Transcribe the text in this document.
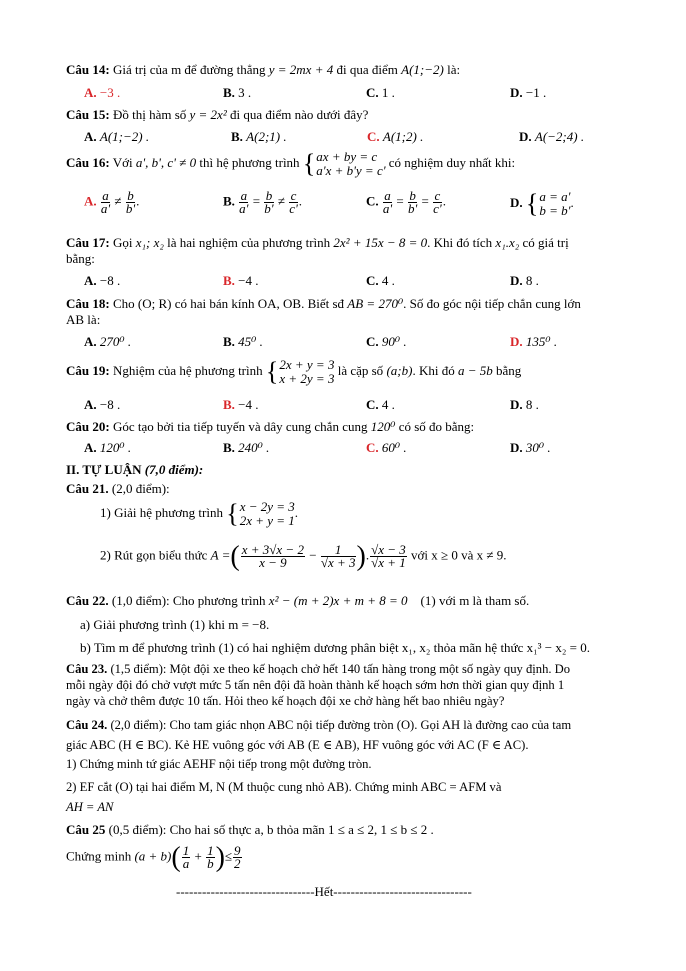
Câu 14: Giá trị của m để đường thẳng y = 2mx + 4 đi qua điểm A(1;−2) là:
A. −3 .	B. 3 .	C. 1 .	D. −1 .
Câu 15: Đồ thị hàm số y = 2x² đi qua điểm nào dưới đây?
A. A(1;−2) .	B. A(2;1) .	C. A(1;2) .	D. A(−2;4) .
Câu 16: Với a', b', c' ≠ 0 thì hệ phương trình {ax + by = c
a'x + b'y = c' có nghiệm duy nhất khi:
A. $\frac{a}{a'} \ne \frac{b}{b'}$ .	B. $\frac{a}{a'} = \frac{b}{b'} \ne \frac{c}{c'}$ .	C. $\frac{a}{a'} = \frac{b}{b'} = \frac{c}{c'}$ .	D. {a = a'
b = b'.
Câu 17: Gọi x₁; x₂ là hai nghiệm của phương trình 2x² + 15x − 8 = 0. Khi đó tích x₁.x₂ có giá trị
bằng:
A. −8 .	B. −4 .	C. 4 .	D. 8 .
Câu 18: Cho (O; R) có hai bán kính OA, OB. Biết sđ AB = 270⁰. Số đo góc nội tiếp chắn cung lớn
AB là:
A. 270⁰ .	B. 45⁰ .	C. 90⁰ .	D. 135⁰ .
Câu 19: Nghiệm của hệ phương trình {2x + y = 3
x + 2y = 3 là cặp số (a;b). Khi đó a − 5b bằng
A. −8 .	B. −4 .	C. 4 .	D. 8 .
Câu 20: Góc tạo bởi tia tiếp tuyến và dây cung chắn cung 120⁰ có số đo bằng:
A. 120⁰ .	B. 240⁰ .	C. 60⁰ .	D. 30⁰ .
II. TỰ LUẬN (7,0 điểm):
Câu 21. (2,0 điểm):
1) Giải hệ phương trình {x − 2y = 3
2x + y = 1.
2) Rút gọn biểu thức A =( $\frac{x + 3√x - 2}{x - 9} - \frac{1}{√x + 3}$ ). $\frac{√x - 3}{√x + 1}$ với x ≥ 0 và x ≠ 9.
Câu 22. (1,0 điểm): Cho phương trình x² − (m + 2)x + m + 8 = 0 (1) với m là tham số.
a) Giải phương trình (1) khi m = −8.
b) Tìm m để phương trình (1) có hai nghiệm dương phân biệt x₁, x₂ thỏa mãn hệ thức x₁³ − x₂ = 0.
Câu 23. (1,5 điểm): Một đội xe theo kế hoạch chở hết 140 tấn hàng trong một số ngày quy định. Do
mỗi ngày đội đó chở vượt mức 5 tấn nên đội đã hoàn thành kế hoạch sớm hơn thời gian quy định 1
ngày và chở thêm được 10 tấn. Hỏi theo kế hoạch đội xe chở hàng hết bao nhiêu ngày?
Câu 24. (2,0 điểm): Cho tam giác nhọn ABC nội tiếp đường tròn (O). Gọi AH là đường cao của tam
giác ABC (H ∈ BC). Kẻ HE vuông góc với AB (E ∈ AB), HF vuông góc với AC (F ∈ AC).
1) Chứng minh tứ giác AEHF nội tiếp trong một đường tròn.
2) EF cắt (O) tại hai điểm M, N (M thuộc cung nhỏ AB). Chứng minh ABC = AFM và
AH = AN
Câu 25 (0,5 điểm): Cho hai số thực a, b thỏa mãn 1 ≤ a ≤ 2, 1 ≤ b ≤ 2 .
Chứng minh $(a + b)( \frac{1}{a} + \frac{1}{b}$ )≤ $\frac{9}{2}$
--------------------------------Hết--------------------------------
